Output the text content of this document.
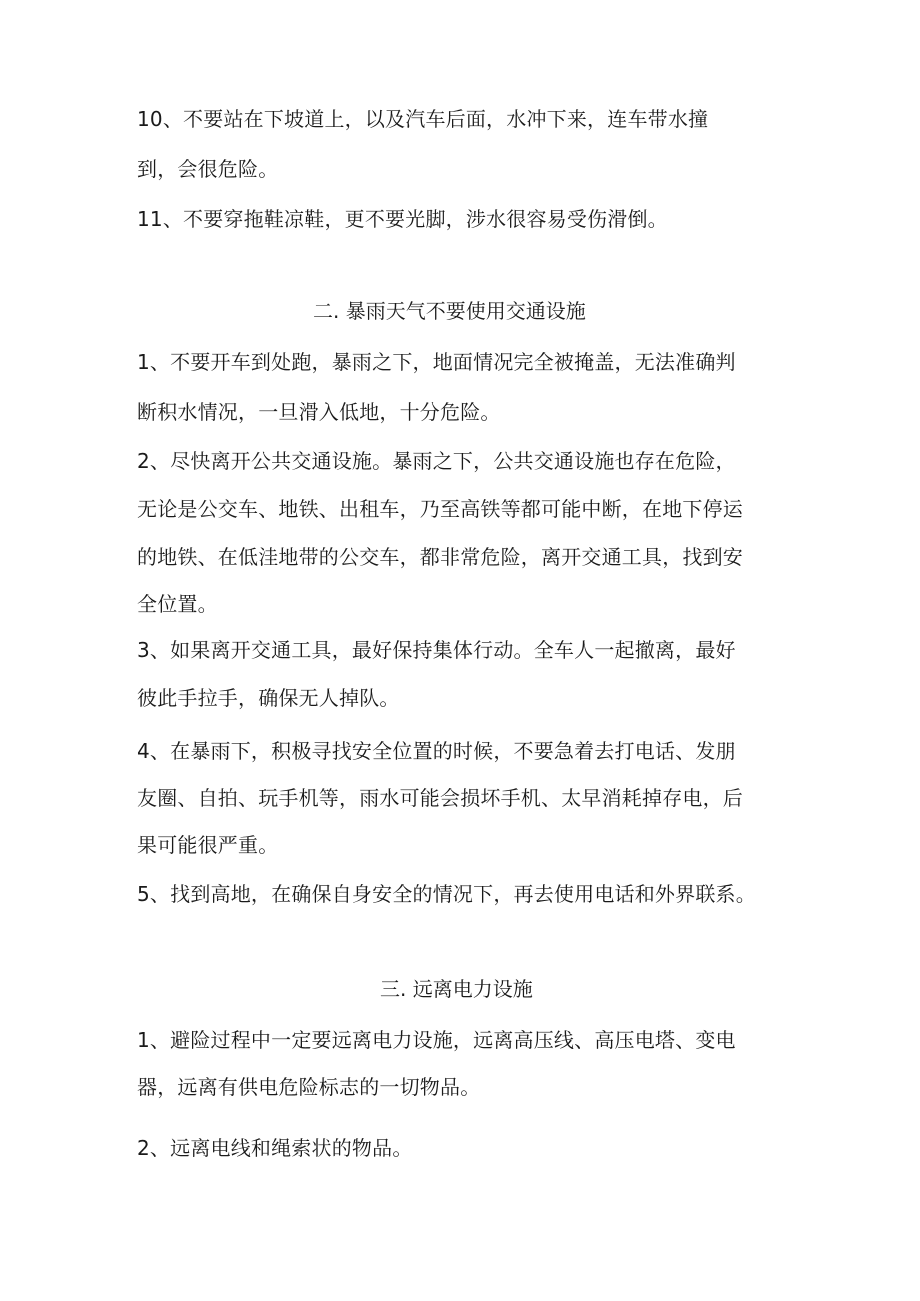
10、不要站在下坡道上，以及汽车后面，水冲下来，连车带水撞
到，会很危险。
11、不要穿拖鞋凉鞋，更不要光脚，涉水很容易受伤滑倒。
二. 暴雨天气不要使用交通设施
1、不要开车到处跑，暴雨之下，地面情况完全被掩盖，无法准确判
断积水情况，一旦滑入低地，十分危险。
2、尽快离开公共交通设施。暴雨之下，公共交通设施也存在危险，
无论是公交车、地铁、出租车，乃至高铁等都可能中断，在地下停运
的地铁、在低洼地带的公交车，都非常危险，离开交通工具，找到安
全位置。
3、如果离开交通工具，最好保持集体行动。全车人一起撤离，最好
彼此手拉手，确保无人掉队。
4、在暴雨下，积极寻找安全位置的时候，不要急着去打电话、发朋
友圈、自拍、玩手机等，雨水可能会损坏手机、太早消耗掉存电，后
果可能很严重。
5、找到高地，在确保自身安全的情况下，再去使用电话和外界联系。
三. 远离电力设施
1、避险过程中一定要远离电力设施，远离高压线、高压电塔、变电
器，远离有供电危险标志的一切物品。
2、远离电线和绳索状的物品。
